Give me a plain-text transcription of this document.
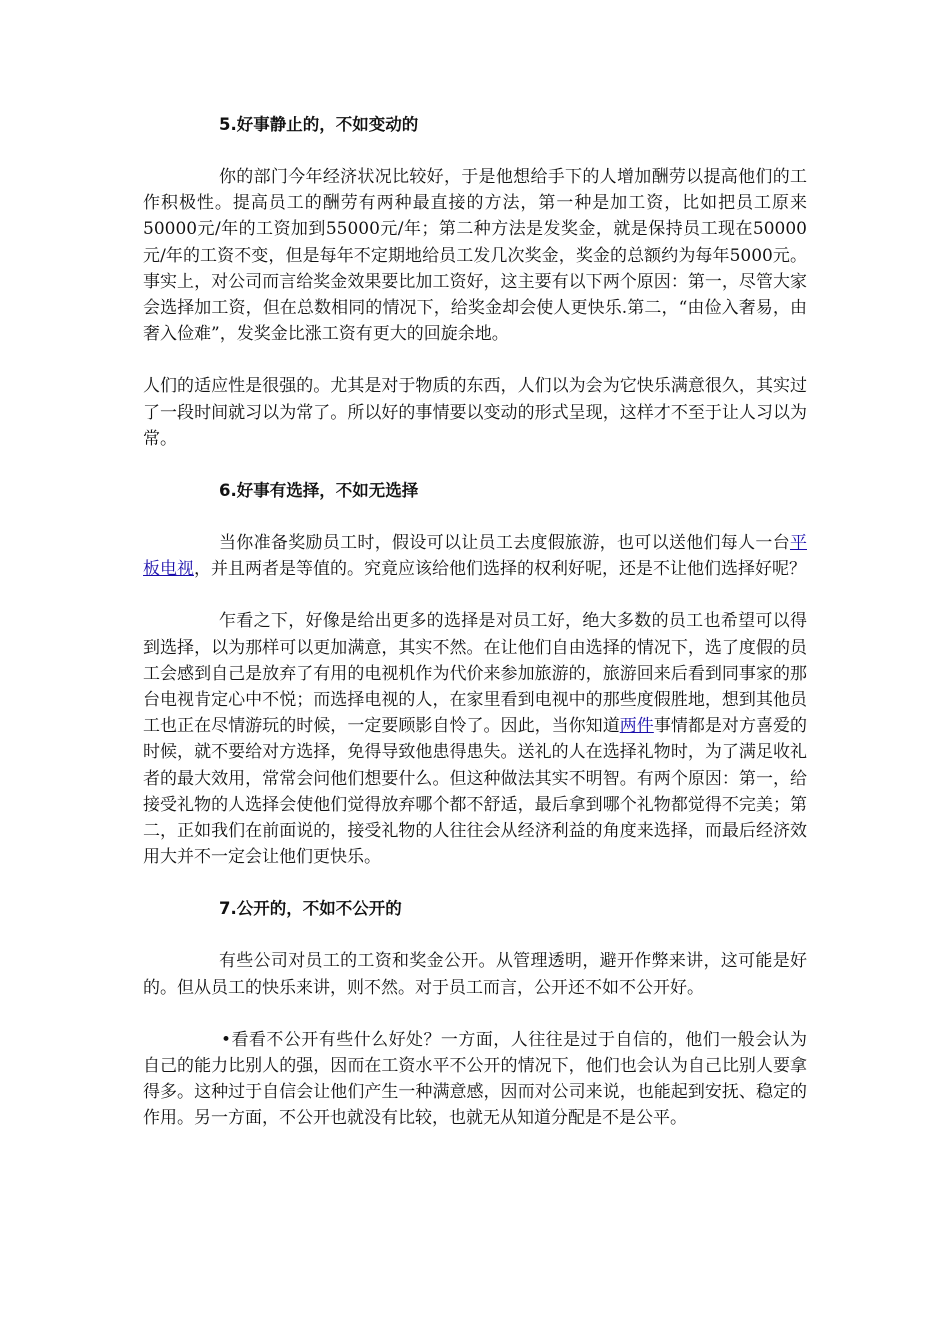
5.好事静止的，不如变动的

你的部门今年经济状况比较好，于是他想给手下的人增加酬劳以提高他们的工作积极性。提高员工的酬劳有两种最直接的方法，第一种是加工资，比如把员工原来50000元/年的工资加到55000元/年；第二种方法是发奖金，就是保持员工现在50000元/年的工资不变，但是每年不定期地给员工发几次奖金，奖金的总额约为每年5000元。事实上，对公司而言给奖金效果要比加工资好，这主要有以下两个原因：第一，尽管大家会选择加工资，但在总数相同的情况下，给奖金却会使人更快乐.第二，“由俭入奢易，由奢入俭难”，发奖金比涨工资有更大的回旋余地。

人们的适应性是很强的。尤其是对于物质的东西，人们以为会为它快乐满意很久，其实过了一段时间就习以为常了。所以好的事情要以变动的形式呈现，这样才不至于让人习以为常。

6.好事有选择，不如无选择

当你准备奖励员工时，假设可以让员工去度假旅游，也可以送他们每人一台平板电视，并且两者是等值的。究竟应该给他们选择的权利好呢，还是不让他们选择好呢？

乍看之下，好像是给出更多的选择是对员工好，绝大多数的员工也希望可以得到选择，以为那样可以更加满意，其实不然。在让他们自由选择的情况下，选了度假的员工会感到自己是放弃了有用的电视机作为代价来参加旅游的，旅游回来后看到同事家的那台电视肯定心中不悦；而选择电视的人，在家里看到电视中的那些度假胜地，想到其他员工也正在尽情游玩的时候，一定要顾影自怜了。因此，当你知道两件事情都是对方喜爱的时候，就不要给对方选择，免得导致他患得患失。送礼的人在选择礼物时，为了满足收礼者的最大效用，常常会问他们想要什么。但这种做法其实不明智。有两个原因：第一，给接受礼物的人选择会使他们觉得放弃哪个都不舒适，最后拿到哪个礼物都觉得不完美；第二，正如我们在前面说的，接受礼物的人往往会从经济利益的角度来选择，而最后经济效用大并不一定会让他们更快乐。

7.公开的，不如不公开的

有些公司对员工的工资和奖金公开。从管理透明，避开作弊来讲，这可能是好的。但从员工的快乐来讲，则不然。对于员工而言，公开还不如不公开好。

•看看不公开有些什么好处？一方面，人往往是过于自信的，他们一般会认为自己的能力比别人的强，因而在工资水平不公开的情况下，他们也会认为自己比别人要拿得多。这种过于自信会让他们产生一种满意感，因而对公司来说，也能起到安抚、稳定的作用。另一方面，不公开也就没有比较，也就无从知道分配是不是公平。
